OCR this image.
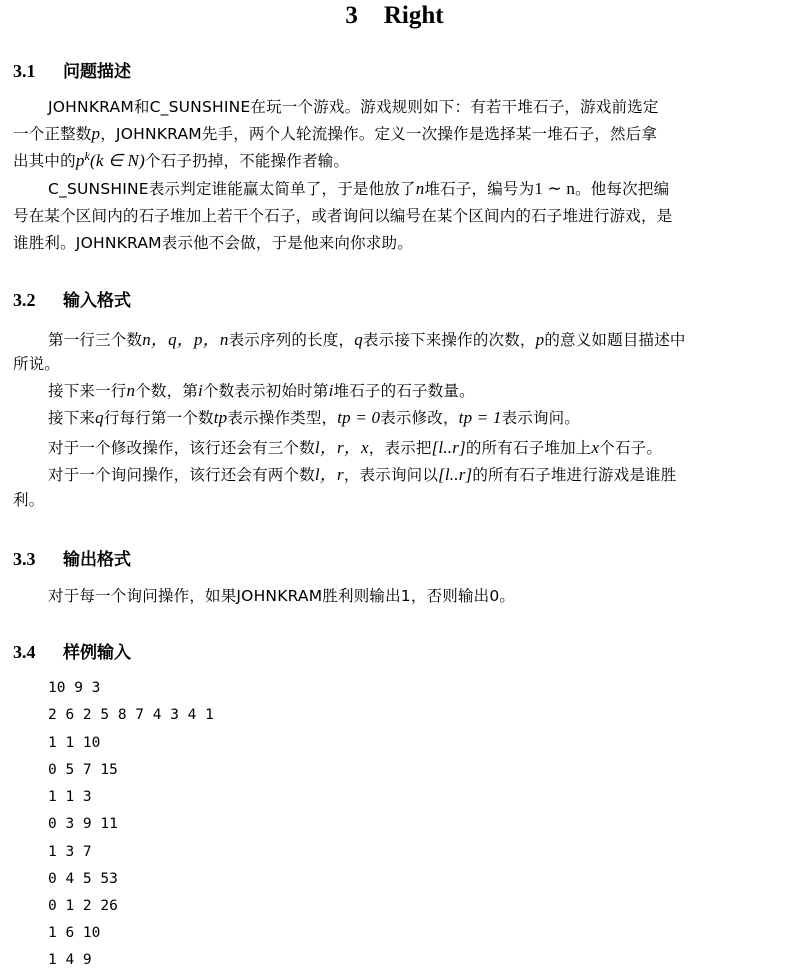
3 Right
3.1 问题描述
JOHNKRAM和C_SUNSHINE在玩一个游戏。游戏规则如下：有若干堆石子，游戏前选定
一个正整数p，JOHNKRAM先手，两个人轮流操作。定义一次操作是选择某一堆石子，然后拿
出其中的$p^k(k$ ∈ N)个石子扔掉，不能操作者输。
C_SUNSHINE表示判定谁能赢太简单了，于是他放了n堆石子，编号为1 ∼ n。他每次把编
号在某个区间内的石子堆加上若干个石子，或者询问以编号在某个区间内的石子堆进行游戏，是
谁胜利。JOHNKRAM表示他不会做，于是他来向你求助。
3.2 输入格式
第一行三个数n，q，p，n表示序列的长度，q表示接下来操作的次数，p的意义如题目描述中
所说。
接下来一行n个数，第i个数表示初始时第i堆石子的石子数量。
接下来q行每行第一个数tp表示操作类型，tp = 0表示修改，tp = 1表示询问。
对于一个修改操作，该行还会有三个数l，r，x，表示把[l..r]的所有石子堆加上x个石子。
对于一个询问操作，该行还会有两个数l，r，表示询问以[l..r]的所有石子堆进行游戏是谁胜
利。
3.3 输出格式
对于每一个询问操作，如果JOHNKRAM胜利则输出1，否则输出0。
3.4 样例输入
10 9 3
2 6 2 5 8 7 4 3 4 1
1 1 10
0 5 7 15
1 1 3
0 3 9 11
1 3 7
0 4 5 53
0 1 2 26
1 6 10
1 4 9
